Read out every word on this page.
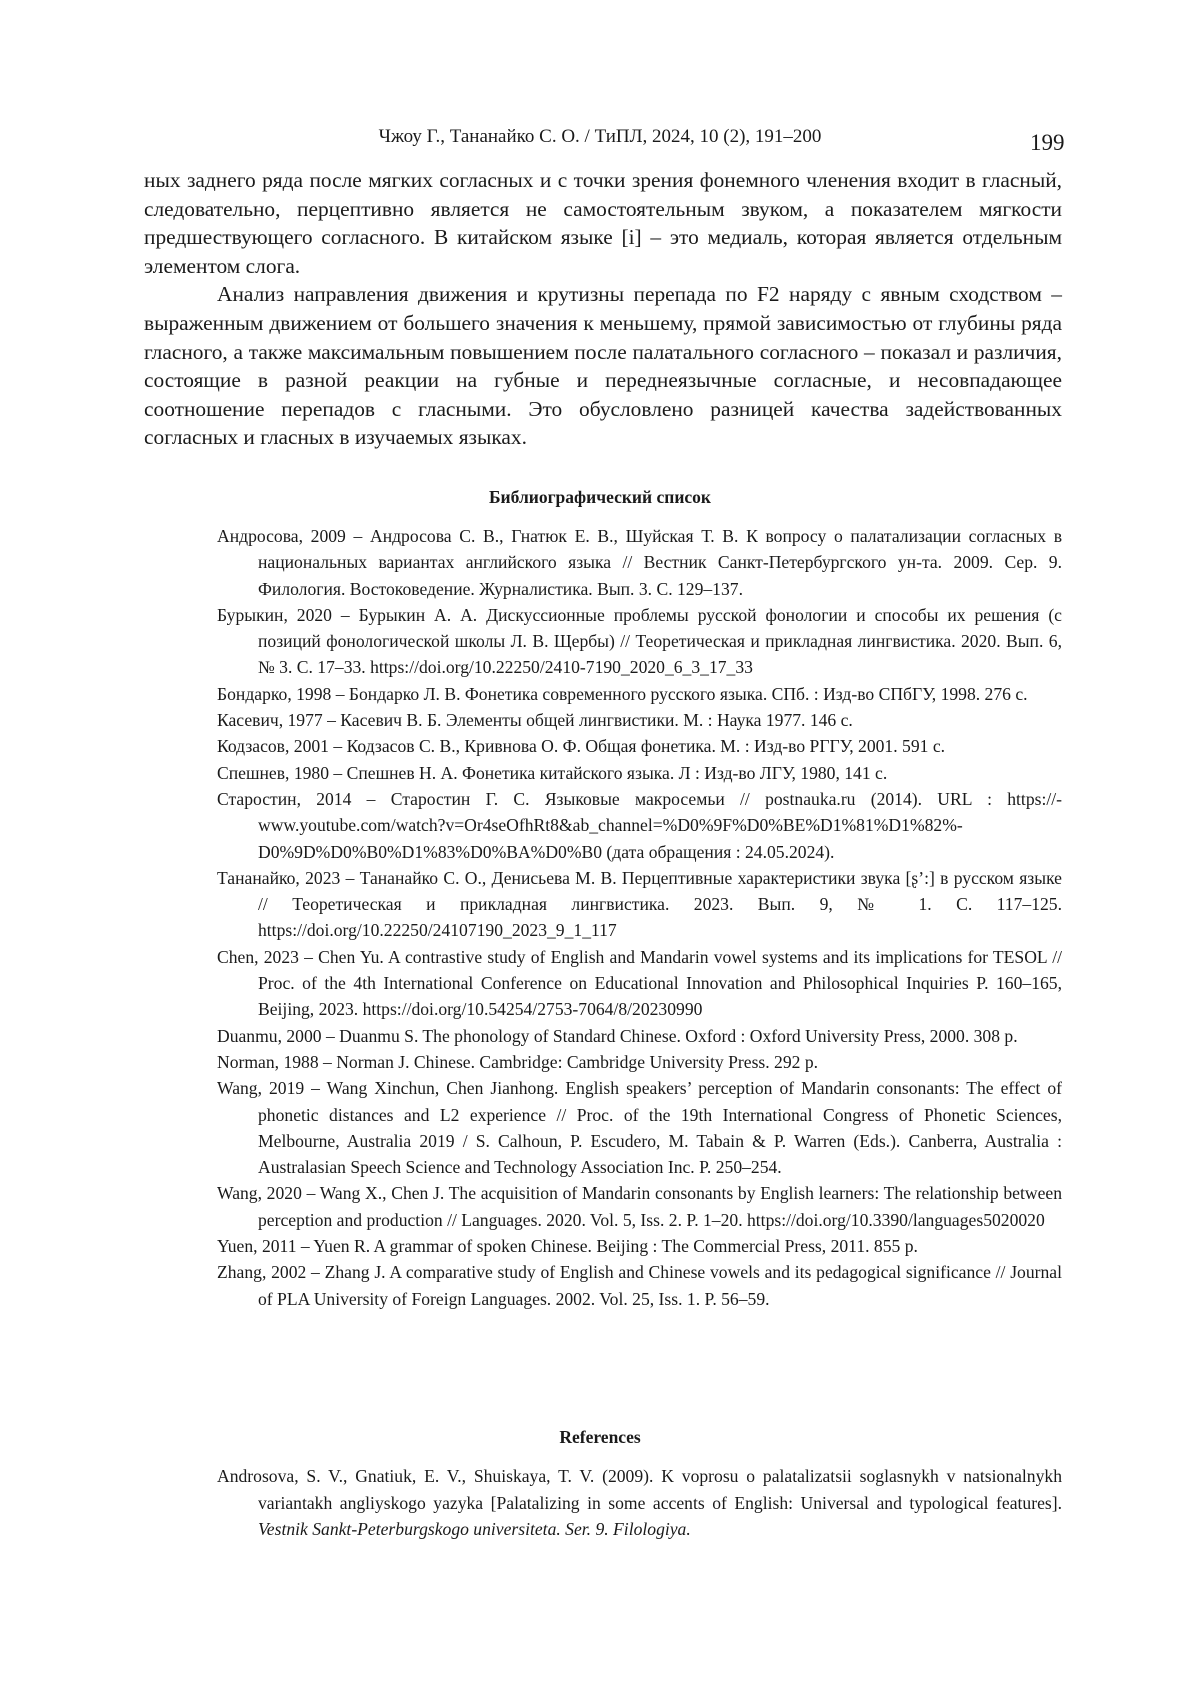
Чжоу Г., Тананайко С. О. / ТиПЛ, 2024, 10 (2), 191–200	199

ных заднего ряда после мягких согласных и с точки зрения фонемного членения входит в гласный, следовательно, перцептивно является не самостоятельным звуком, а показателем мягкости предшествующего согласного. В китайском языке [i] – это медиаль, которая является отдельным элементом слога.

Анализ направления движения и крутизны перепада по F2 наряду с явным сходством – выраженным движением от большего значения к меньшему, прямой зависимостью от глубины ряда гласного, а также максимальным повышением после палатального согласного – показал и различия, состоящие в разной реакции на губные и переднеязычные согласные, и несовпадающее соотношение перепадов с гласными. Это обусловлено разницей качества задействованных согласных и гласных в изучаемых языках.

Библиографический список
Андросова, 2009 – Андросова С. В., Гнатюк Е. В., Шуйская Т. В. К вопросу о палатализации согласных в национальных вариантах английского языка // Вестник Санкт-Петербургского ун-та. 2009. Сер. 9. Филология. Востоковедение. Журналистика. Вып. 3. С. 129–137.
Бурыкин, 2020 – Бурыкин А. А. Дискуссионные проблемы русской фонологии и способы их решения (с позиций фонологической школы Л. В. Щербы) // Теоретическая и прикладная лингвистика. 2020. Вып. 6, № 3. С. 17–33. https://doi.org/10.22250/2410-7190_2020_6_3_17_33
Бондарко, 1998 – Бондарко Л. В. Фонетика современного русского языка. СПб. : Изд-во СПбГУ, 1998. 276 с.
Касевич, 1977 – Касевич В. Б. Элементы общей лингвистики. М. : Наука 1977. 146 с.
Кодзасов, 2001 – Кодзасов С. В., Кривнова О. Ф. Общая фонетика. М. : Изд-во РГГУ, 2001. 591 с.
Спешнев, 1980 – Спешнев Н. А. Фонетика китайского языка. Л : Изд-во ЛГУ, 1980, 141 с.
Старостин, 2014 – Старостин Г. С. Языковые макросемьи // postnauka.ru (2014). URL : https://www.youtube.com/watch?v=Or4seOfhRt8&ab_channel=%D0%9F%D0%BE%D1%81%D1%82%D0%9D%D0%B0%D1%83%D0%BA%D0%B0 (дата обращения : 24.05.2024).
Тананайко, 2023 – Тананайко С. О., Денисьева М. В. Перцептивные характеристики звука [ʂ’:] в русском языке // Теоретическая и прикладная лингвистика. 2023. Вып. 9, № 1. С. 117–125. https://doi.org/10.22250/24107190_2023_9_1_117
Chen, 2023 – Chen Yu. A contrastive study of English and Mandarin vowel systems and its implications for TESOL // Proc. of the 4th International Conference on Educational Innovation and Philosophical Inquiries P. 160–165, Beijing, 2023. https://doi.org/10.54254/2753-7064/8/20230990
Duanmu, 2000 – Duanmu S. The phonology of Standard Chinese. Oxford : Oxford University Press, 2000. 308 p.
Norman, 1988 – Norman J. Chinese. Cambridge: Cambridge University Press. 292 p.
Wang, 2019 – Wang Xinchun, Chen Jianhong. English speakers’ perception of Mandarin consonants: The effect of phonetic distances and L2 experience // Proc. of the 19th International Congress of Phonetic Sciences, Melbourne, Australia 2019 / S. Calhoun, P. Escudero, M. Tabain & P. Warren (Eds.). Canberra, Australia : Australasian Speech Science and Technology Association Inc. P. 250–254.
Wang, 2020 – Wang X., Chen J. The acquisition of Mandarin consonants by English learners: The relationship between perception and production // Languages. 2020. Vol. 5, Iss. 2. P. 1–20. https://doi.org/10.3390/languages5020020
Yuen, 2011 – Yuen R. A grammar of spoken Chinese. Beijing : The Commercial Press, 2011. 855 p.
Zhang, 2002 – Zhang J. A comparative study of English and Chinese vowels and its pedagogical significance // Journal of PLA University of Foreign Languages. 2002. Vol. 25, Iss. 1. P. 56–59.
References
Androsova, S. V., Gnatiuk, E. V., Shuiskaya, T. V. (2009). K voprosu o palatalizatsii soglasnykh v natsionalnykh variantakh angliyskogo yazyka [Palatalizing in some accents of English: Universal and typological features]. Vestnik Sankt-Peterburgskogo universiteta. Ser. 9. Filologiya.
